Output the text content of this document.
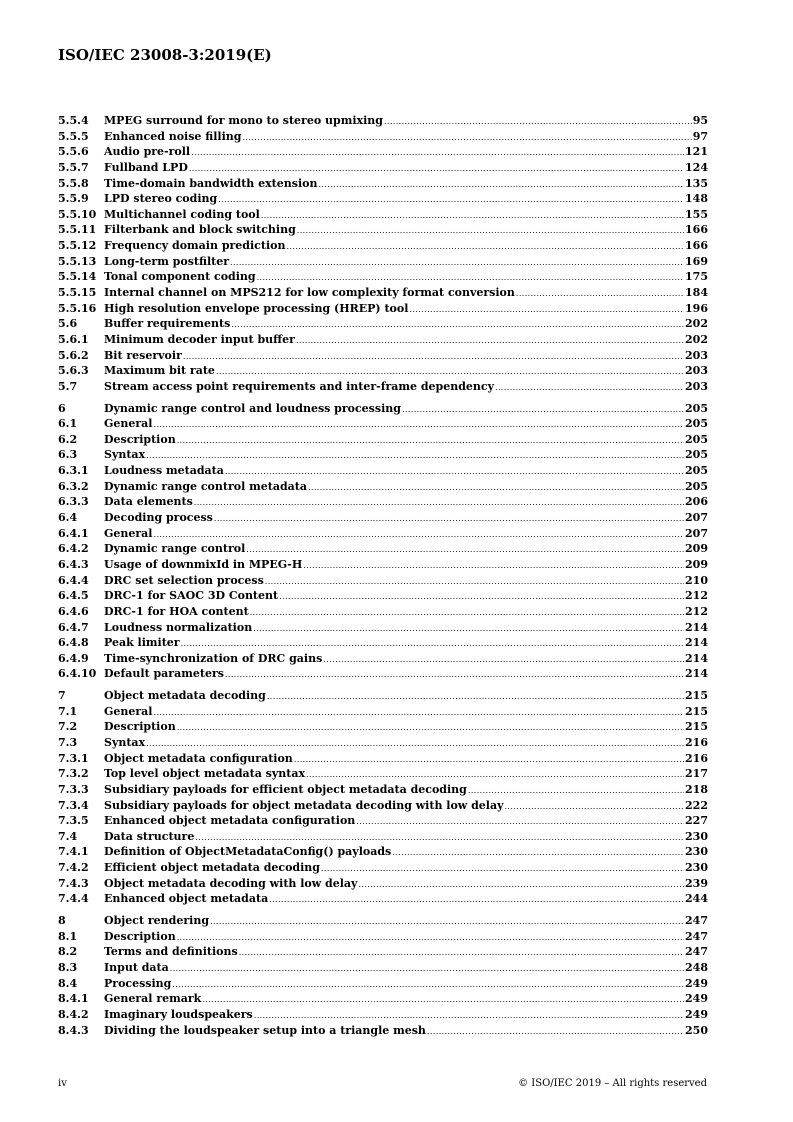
ISO/IEC 23008-3:2019(E)
5.5.4	MPEG surround for mono to stereo upmixing .....	95
5.5.5	Enhanced noise filling .....	97
5.5.6	Audio pre-roll .....	121
5.5.7	Fullband LPD .....	124
5.5.8	Time-domain bandwidth extension .....	135
5.5.9	LPD stereo coding .....	148
5.5.10 Multichannel coding tool .....	155
5.5.11 Filterbank and block switching .....	166
5.5.12 Frequency domain prediction .....	166
5.5.13 Long-term postfilter .....	169
5.5.14 Tonal component coding .....	175
5.5.15 Internal channel on MPS212 for low complexity format conversion .....	184
5.5.16 High resolution envelope processing (HREP) tool .....	196
5.6	Buffer requirements .....	202
5.6.1	Minimum decoder input buffer .....	202
5.6.2	Bit reservoir .....	203
5.6.3	Maximum bit rate .....	203
5.7	Stream access point requirements and inter-frame dependency .....	203
6	Dynamic range control and loudness processing .....	205
6.1	General .....	205
6.2	Description .....	205
6.3	Syntax .....	205
6.3.1	Loudness metadata .....	205
6.3.2	Dynamic range control metadata .....	205
6.3.3	Data elements .....	206
6.4	Decoding process .....	207
6.4.1	General .....	207
6.4.2	Dynamic range control .....	209
6.4.3	Usage of downmixId in MPEG-H .....	209
6.4.4	DRC set selection process .....	210
6.4.5	DRC-1 for SAOC 3D Content .....	212
6.4.6	DRC-1 for HOA content .....	212
6.4.7	Loudness normalization .....	214
6.4.8	Peak limiter .....	214
6.4.9	Time-synchronization of DRC gains .....	214
6.4.10 Default parameters .....	214
7	Object metadata decoding .....	215
7.1	General .....	215
7.2	Description .....	215
7.3	Syntax .....	216
7.3.1	Object metadata configuration .....	216
7.3.2	Top level object metadata syntax .....	217
7.3.3	Subsidiary payloads for efficient object metadata decoding .....	218
7.3.4	Subsidiary payloads for object metadata decoding with low delay .....	222
7.3.5	Enhanced object metadata configuration .....	227
7.4	Data structure .....	230
7.4.1	Definition of ObjectMetadataConfig() payloads .....	230
7.4.2	Efficient object metadata decoding .....	230
7.4.3	Object metadata decoding with low delay .....	239
7.4.4	Enhanced object metadata .....	244
8	Object rendering .....	247
8.1	Description .....	247
8.2	Terms and definitions .....	247
8.3	Input data .....	248
8.4	Processing .....	249
8.4.1	General remark .....	249
8.4.2	Imaginary loudspeakers .....	249
8.4.3	Dividing the loudspeaker setup into a triangle mesh .....	250
iv	© ISO/IEC 2019 – All rights reserved
